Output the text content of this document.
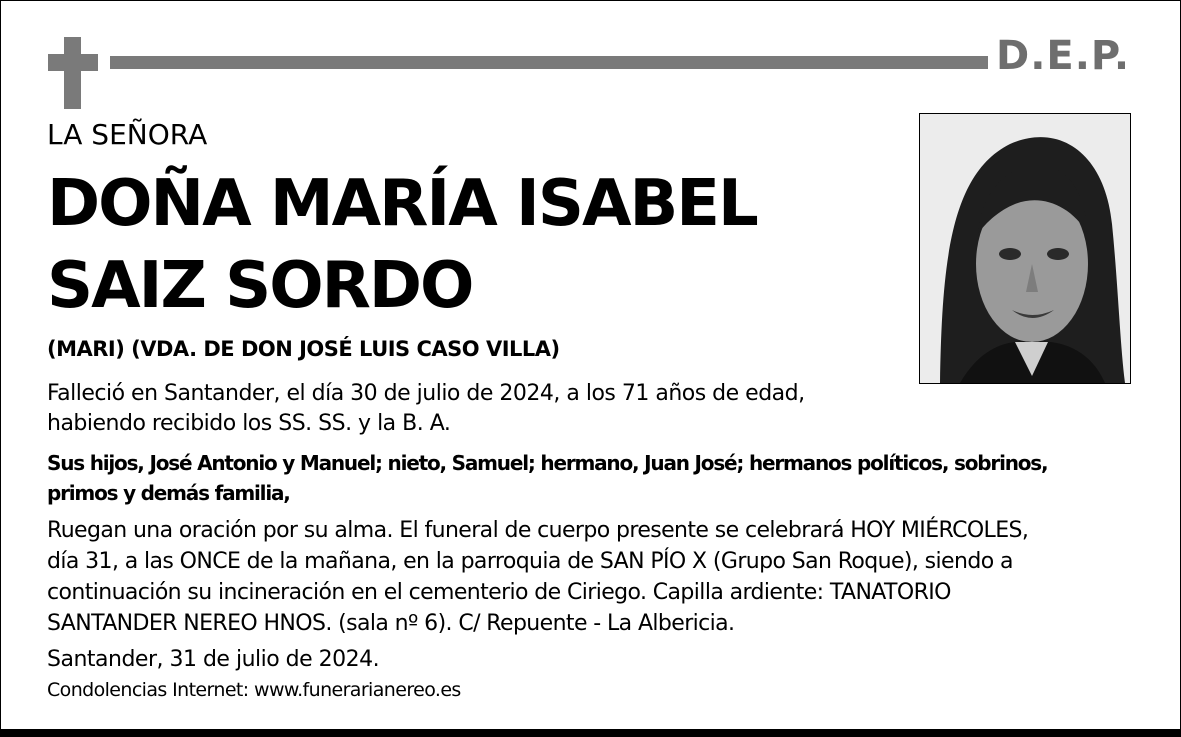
D.E.P.
LA SEÑORA
DOÑA MARÍA ISABEL
SAIZ SORDO
(MARI) (VDA. DE DON JOSÉ LUIS CASO VILLA)
Falleció en Santander, el día 30 de julio de 2024, a los 71 años de edad,
habiendo recibido los SS. SS. y la B. A.
Sus hijos, José Antonio y Manuel; nieto, Samuel; hermano, Juan José; hermanos políticos, sobrinos,
primos y demás familia,
Ruegan una oración por su alma. El funeral de cuerpo presente se celebrará HOY MIÉRCOLES,
día 31, a las ONCE de la mañana, en la parroquia de SAN PÍO X (Grupo San Roque), siendo a
continuación su incineración en el cementerio de Ciriego. Capilla ardiente: TANATORIO
SANTANDER NEREO HNOS. (sala nº 6). C/ Repuente - La Albericia.
Santander, 31 de julio de 2024.
Condolencias Internet: www.funerarianereo.es
